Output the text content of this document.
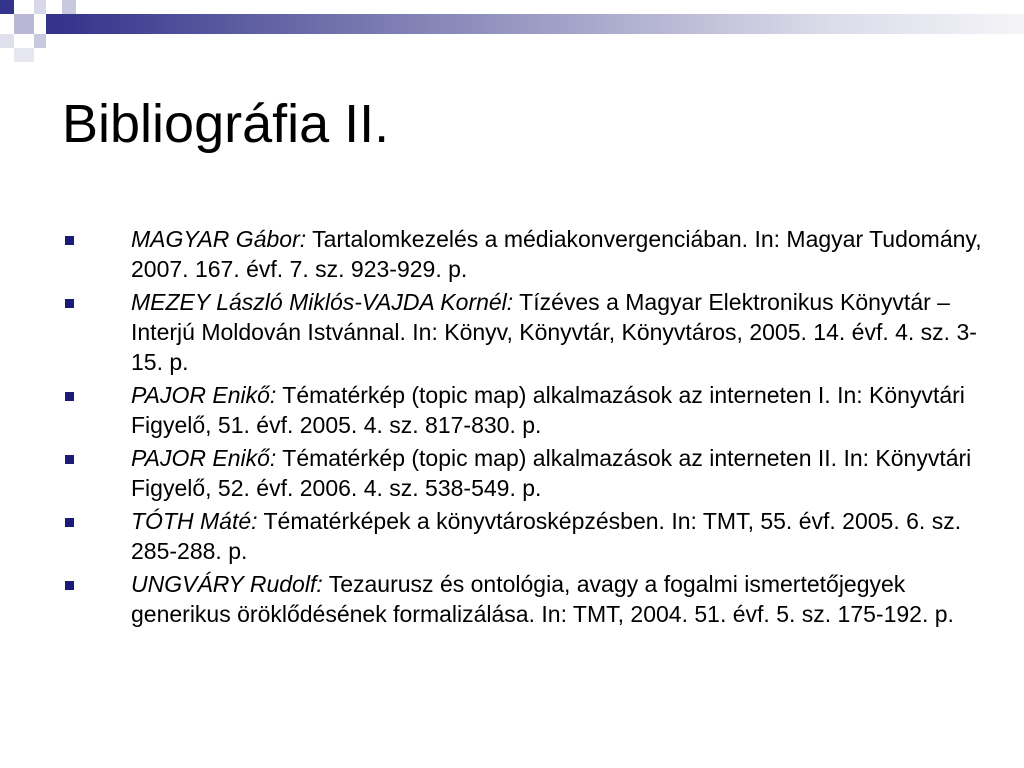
Bibliográfia II.
MAGYAR Gábor: Tartalomkezelés a médiakonvergenciában. In: Magyar Tudomány, 2007. 167. évf. 7. sz. 923-929. p.
MEZEY László Miklós-VAJDA Kornél: Tízéves a Magyar Elektronikus Könyvtár – Interjú Moldován Istvánnal. In: Könyv, Könyvtár, Könyvtáros, 2005. 14. évf. 4. sz. 3-15. p.
PAJOR Enikő: Tématérkép (topic map) alkalmazások az interneten I. In: Könyvtári Figyelő, 51. évf. 2005. 4. sz. 817-830. p.
PAJOR Enikő: Tématérkép (topic map) alkalmazások az interneten II. In: Könyvtári Figyelő, 52. évf. 2006. 4. sz. 538-549. p.
TÓTH Máté: Tématérképek a könyvtárosképzésben. In: TMT, 55. évf. 2005. 6. sz. 285-288. p.
UNGVÁRY Rudolf: Tezaurusz és ontológia, avagy a fogalmi ismertetőjegyek generikus öröklődésének formalizálása. In: TMT, 2004. 51. évf. 5. sz. 175-192. p.
